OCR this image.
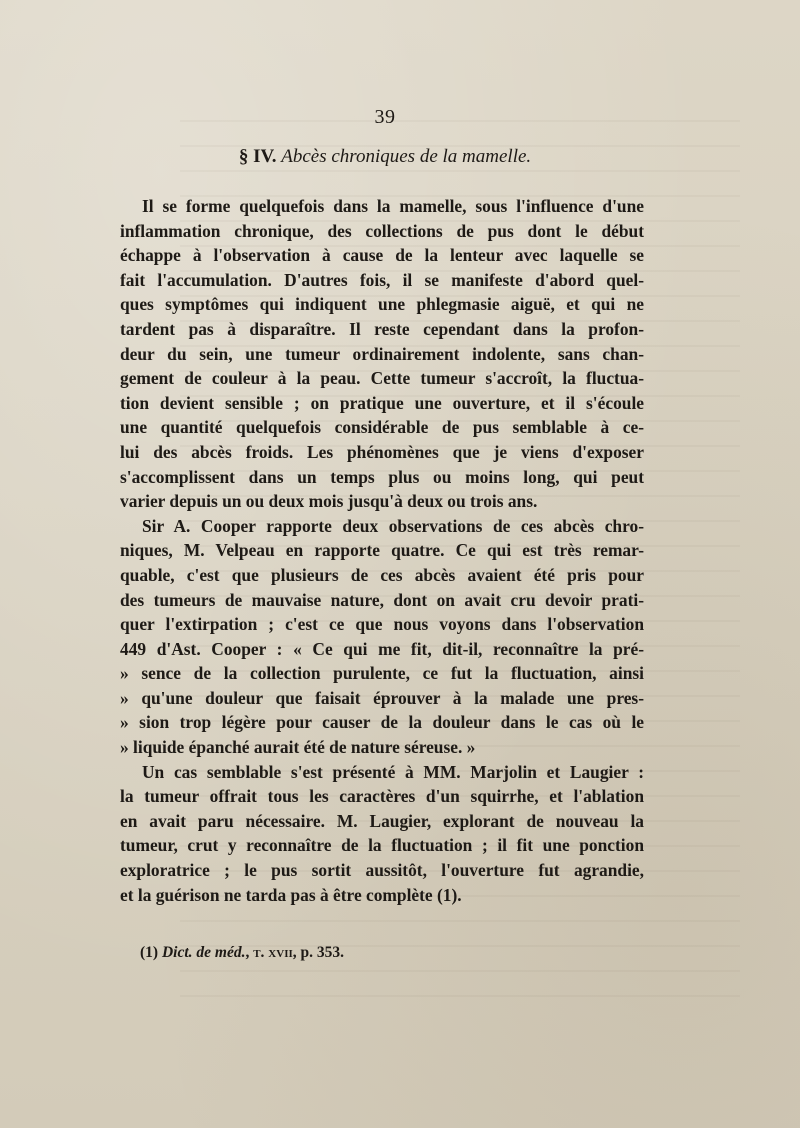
39
§ IV. Abcès chroniques de la mamelle.
Il se forme quelquefois dans la mamelle, sous l'influence d'une
inflammation chronique, des collections de pus dont le début
échappe à l'observation à cause de la lenteur avec laquelle se
fait l'accumulation. D'autres fois, il se manifeste d'abord quel-
ques symptômes qui indiquent une phlegmasie aiguë, et qui ne
tardent pas à disparaître. Il reste cependant dans la profon-
deur du sein, une tumeur ordinairement indolente, sans chan-
gement de couleur à la peau. Cette tumeur s'accroît, la fluctua-
tion devient sensible ; on pratique une ouverture, et il s'écoule
une quantité quelquefois considérable de pus semblable à ce-
lui des abcès froids. Les phénomènes que je viens d'exposer
s'accomplissent dans un temps plus ou moins long, qui peut
varier depuis un ou deux mois jusqu'à deux ou trois ans.
Sir A. Cooper rapporte deux observations de ces abcès chro-
niques, M. Velpeau en rapporte quatre. Ce qui est très remar-
quable, c'est que plusieurs de ces abcès avaient été pris pour
des tumeurs de mauvaise nature, dont on avait cru devoir prati-
quer l'extirpation ; c'est ce que nous voyons dans l'observation
449 d'Ast. Cooper : « Ce qui me fit, dit-il, reconnaître la pré-
» sence de la collection purulente, ce fut la fluctuation, ainsi
» qu'une douleur que faisait éprouver à la malade une pres-
» sion trop légère pour causer de la douleur dans le cas où le
» liquide épanché aurait été de nature séreuse. »
Un cas semblable s'est présenté à MM. Marjolin et Laugier :
la tumeur offrait tous les caractères d'un squirrhe, et l'ablation
en avait paru nécessaire. M. Laugier, explorant de nouveau la
tumeur, crut y reconnaître de la fluctuation ; il fit une ponction
exploratrice ; le pus sortit aussitôt, l'ouverture fut agrandie,
et la guérison ne tarda pas à être complète (1).
(1) Dict. de méd., t. xvii, p. 353.
